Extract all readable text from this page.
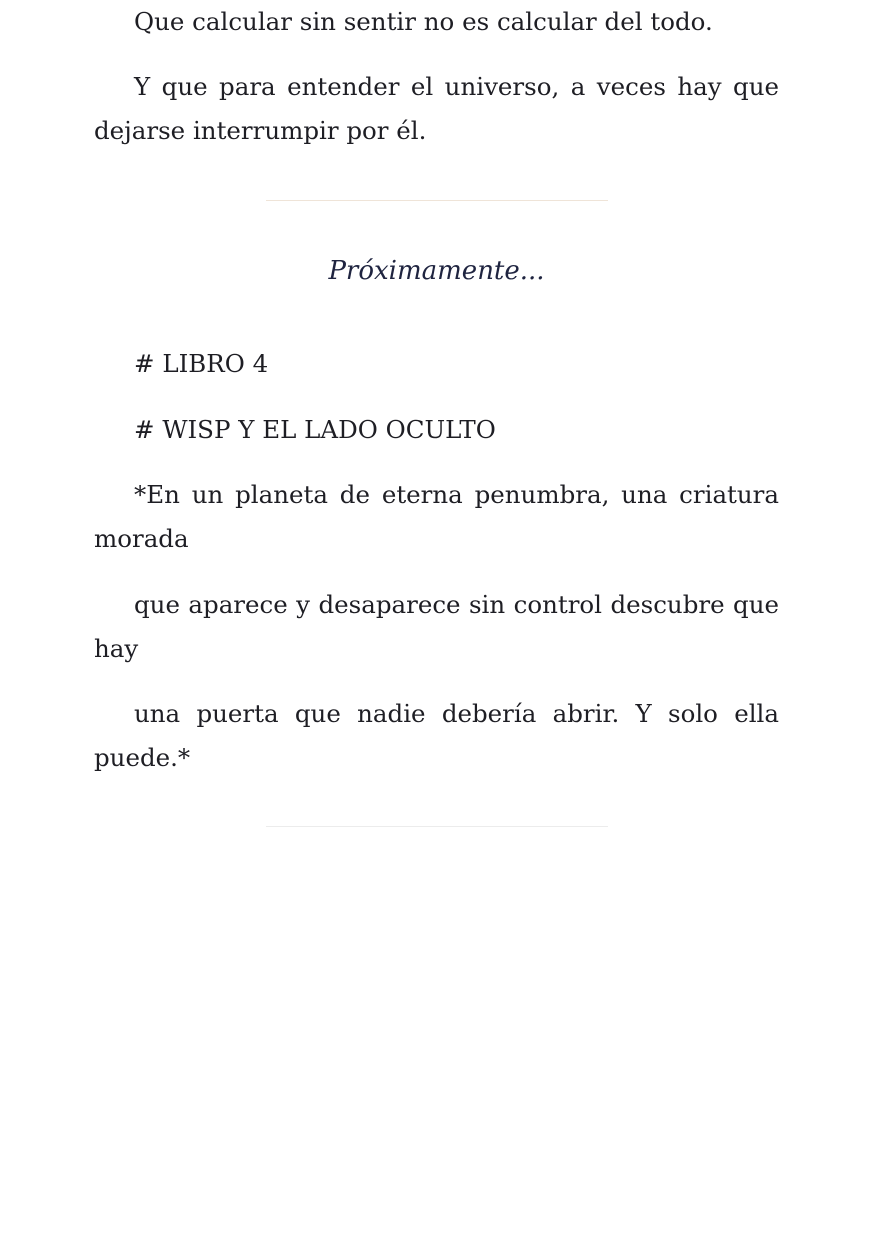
Que calcular sin sentir no es calcular del todo.

Y que para entender el universo, a veces hay que dejarse interrumpir por él.

Próximamente...

# LIBRO 4

# WISP Y EL LADO OCULTO

*En un planeta de eterna penumbra, una criatura morada

que aparece y desaparece sin control descubre que hay

una puerta que nadie debería abrir. Y solo ella puede.*
